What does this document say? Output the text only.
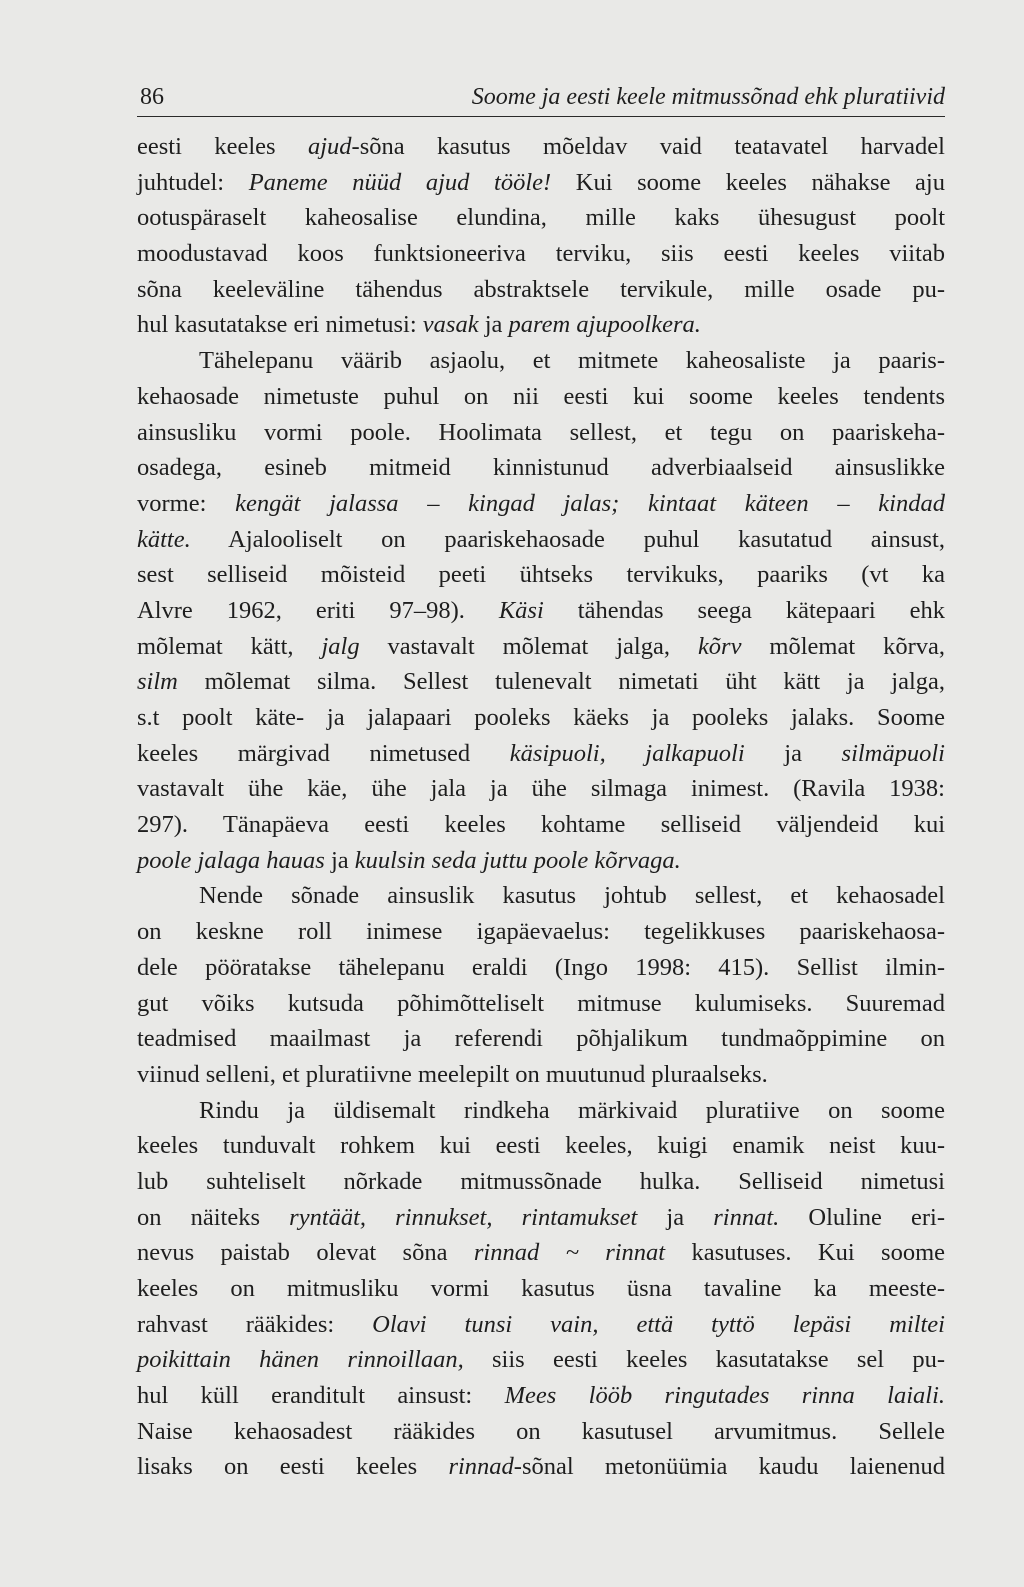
86	Soome ja eesti keele mitmussõnad ehk pluratiivid
eesti keeles ajud-sõna kasutus mõeldav vaid teatavatel harvadel
juhtudel: Paneme nüüd ajud tööle! Kui soome keeles nähakse aju
ootuspäraselt kaheosalise elundina, mille kaks ühesugust poolt
moodustavad koos funktsioneeriva terviku, siis eesti keeles viitab
sõna keeleväline tähendus abstraktsele tervikule, mille osade pu-
hul kasutatakse eri nimetusi: vasak ja parem ajupoolkera.
Tähelepanu väärib asjaolu, et mitmete kaheosaliste ja paaris-
kehaosade nimetuste puhul on nii eesti kui soome keeles tendents
ainsusliku vormi poole. Hoolimata sellest, et tegu on paariskeha-
osadega, esineb mitmeid kinnistunud adverbiaalseid ainsuslikke
vorme: kengät jalassa – kingad jalas; kintaat käteen – kindad
kätte. Ajalooliselt on paariskehaosade puhul kasutatud ainsust,
sest selliseid mõisteid peeti ühtseks tervikuks, paariks (vt ka
Alvre 1962, eriti 97–98). Käsi tähendas seega kätepaari ehk
mõlemat kätt, jalg vastavalt mõlemat jalga, kõrv mõlemat kõrva,
silm mõlemat silma. Sellest tulenevalt nimetati üht kätt ja jalga,
s.t poolt käte- ja jalapaari pooleks käeks ja pooleks jalaks. Soome
keeles märgivad nimetused käsipuoli, jalkapuoli ja silmäpuoli
vastavalt ühe käe, ühe jala ja ühe silmaga inimest. (Ravila 1938:
297). Tänapäeva eesti keeles kohtame selliseid väljendeid kui
poole jalaga hauas ja kuulsin seda juttu poole kõrvaga.
Nende sõnade ainsuslik kasutus johtub sellest, et kehaosadel
on keskne roll inimese igapäevaelus: tegelikkuses paariskehaosa-
dele pööratakse tähelepanu eraldi (Ingo 1998: 415). Sellist ilmin-
gut võiks kutsuda põhimõtteliselt mitmuse kulumiseks. Suuremad
teadmised maailmast ja referendi põhjalikum tundmaõppimine on
viinud selleni, et pluratiivne meelepilt on muutunud pluraalseks.
Rindu ja üldisemalt rindkeha märkivaid pluratiive on soome
keeles tunduvalt rohkem kui eesti keeles, kuigi enamik neist kuu-
lub suhteliselt nõrkade mitmussõnade hulka. Selliseid nimetusi
on näiteks ryntäät, rinnukset, rintamukset ja rinnat. Oluline eri-
nevus paistab olevat sõna rinnad ~ rinnat kasutuses. Kui soome
keeles on mitmusliku vormi kasutus üsna tavaline ka meeste-
rahvast rääkides: Olavi tunsi vain, että tyttö lepäsi miltei
poikittain hänen rinnoillaan, siis eesti keeles kasutatakse sel pu-
hul küll eranditult ainsust: Mees lööb ringutades rinna laiali.
Naise kehaosadest rääkides on kasutusel arvumitmus. Sellele
lisaks on eesti keeles rinnad-sõnal metonüümia kaudu laienenud
